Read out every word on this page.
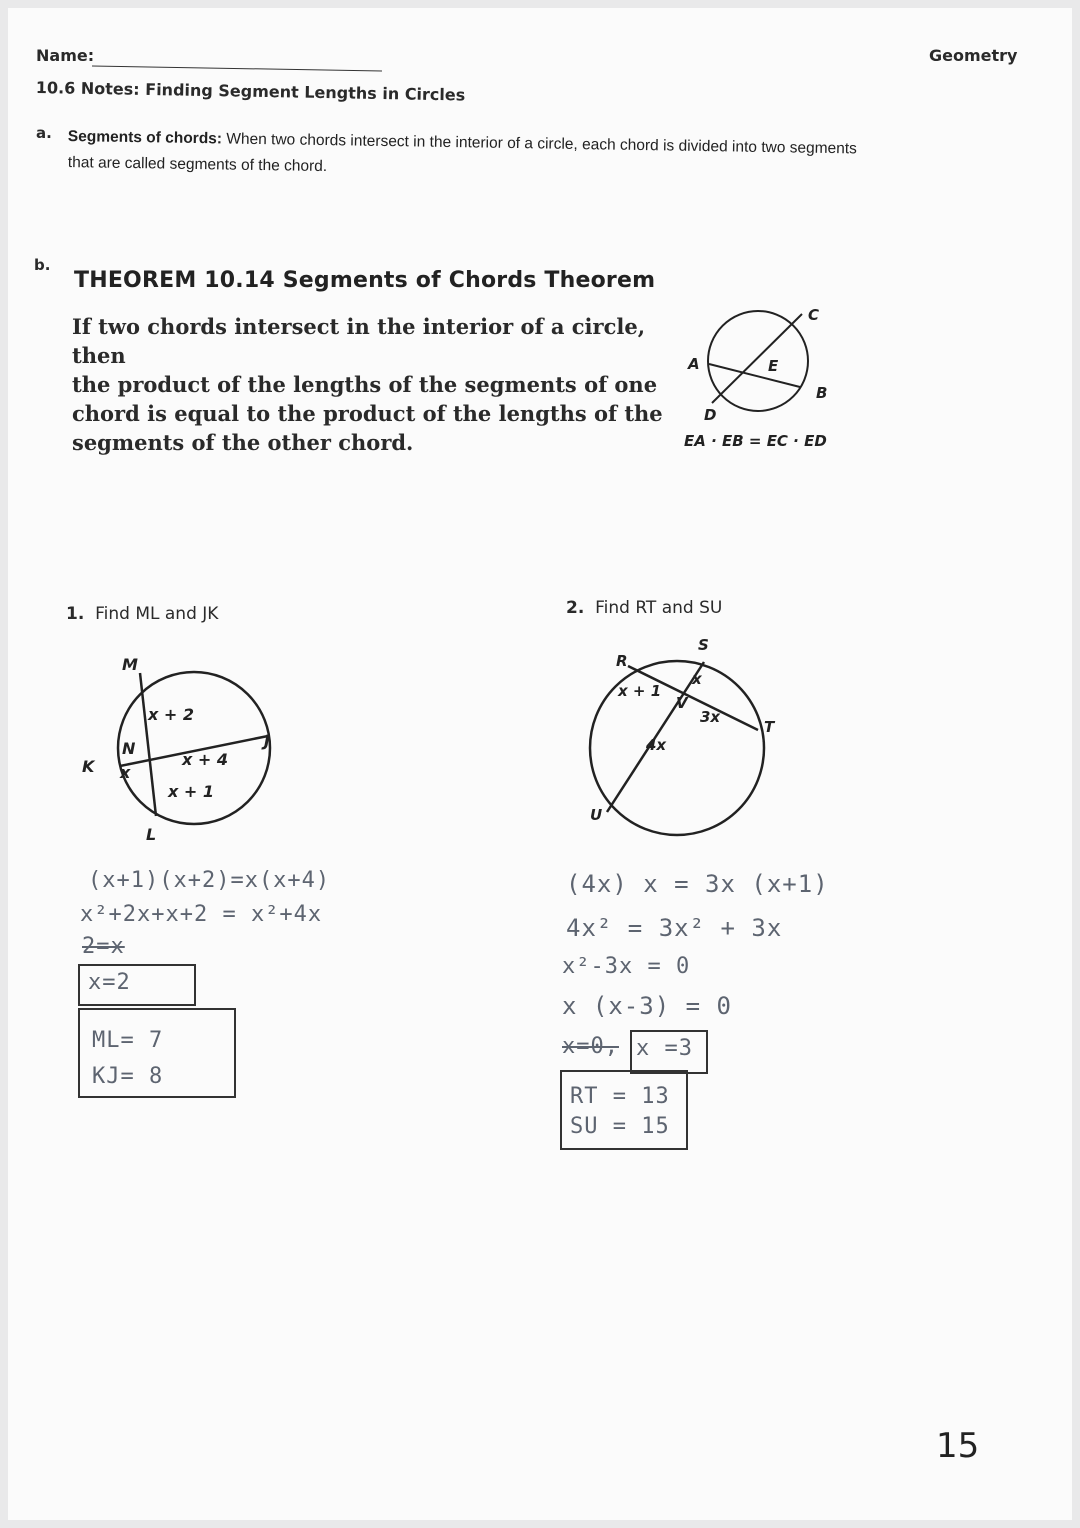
Name:	Geometry
10.6 Notes: Finding Segment Lengths in Circles
a. Segments of chords: When two chords intersect in the interior of a circle, each chord is divided into two segments
that are called segments of the chord.
b.
THEOREM 10.14 Segments of Chords Theorem
If two chords intersect in the interior of a circle, then
the product of the lengths of the segments of one
chord is equal to the product of the lengths of the
segments of the other chord.
A
B
C
D
E
EA · EB = EC · ED
1. Find ML and JK
M
K
J
L
N
x + 2
x
x + 4
x + 1
(x+1)(x+2)=x(x+4)
x²+2x+x+2 = x²+4x
2=x
x=2
ML= 7
KJ= 8
2. Find RT and SU
R
S
T
U
V
x + 1
x
3x
4x
(4x) x = 3x (x+1)
4x² = 3x² + 3x
x²-3x = 0
x (x-3) = 0
x=0, x =3
RT = 13
SU = 15
15
